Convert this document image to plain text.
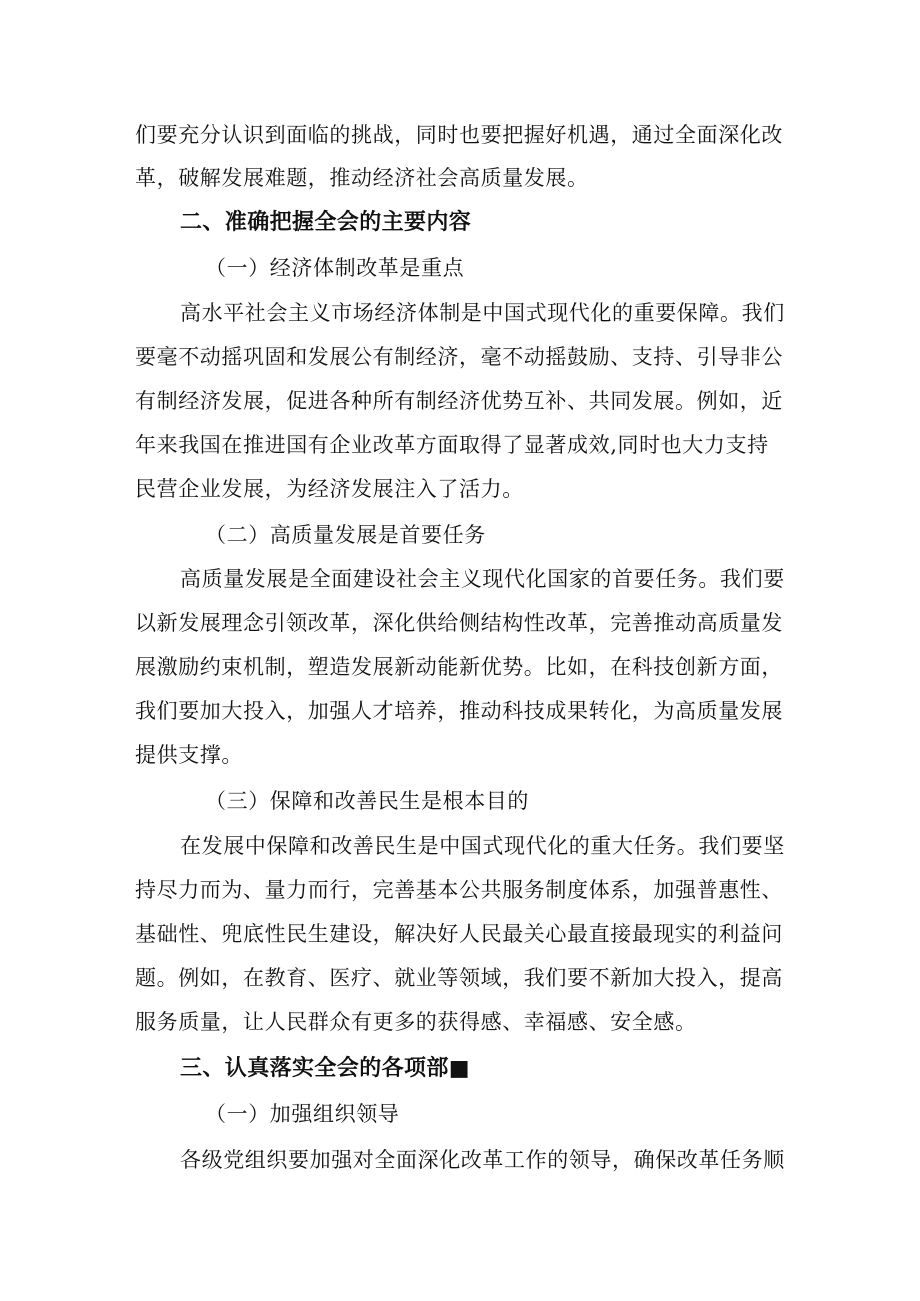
们要充分认识到面临的挑战，同时也要把握好机遇，通过全面深化改
革，破解发展难题，推动经济社会高质量发展。
二、准确把握全会的主要内容
（一）经济体制改革是重点
高水平社会主义市场经济体制是中国式现代化的重要保障。我们
要毫不动摇巩固和发展公有制经济，毫不动摇鼓励、支持、引导非公
有制经济发展，促进各种所有制经济优势互补、共同发展。例如，近
年来我国在推进国有企业改革方面取得了显著成效,同时也大力支持
民营企业发展，为经济发展注入了活力。
（二）高质量发展是首要任务
高质量发展是全面建设社会主义现代化国家的首要任务。我们要
以新发展理念引领改革，深化供给侧结构性改革，完善推动高质量发
展激励约束机制，塑造发展新动能新优势。比如，在科技创新方面，
我们要加大投入，加强人才培养，推动科技成果转化，为高质量发展
提供支撑。
（三）保障和改善民生是根本目的
在发展中保障和改善民生是中国式现代化的重大任务。我们要坚
持尽力而为、量力而行，完善基本公共服务制度体系，加强普惠性、
基础性、兜底性民生建设，解决好人民最关心最直接最现实的利益问
题。例如，在教育、医疗、就业等领域，我们要不新加大投入，提高
服务质量，让人民群众有更多的获得感、幸福感、安全感。
三、认真落实全会的各项部■
（一）加强组织领导
各级党组织要加强对全面深化改革工作的领导，确保改革任务顺
